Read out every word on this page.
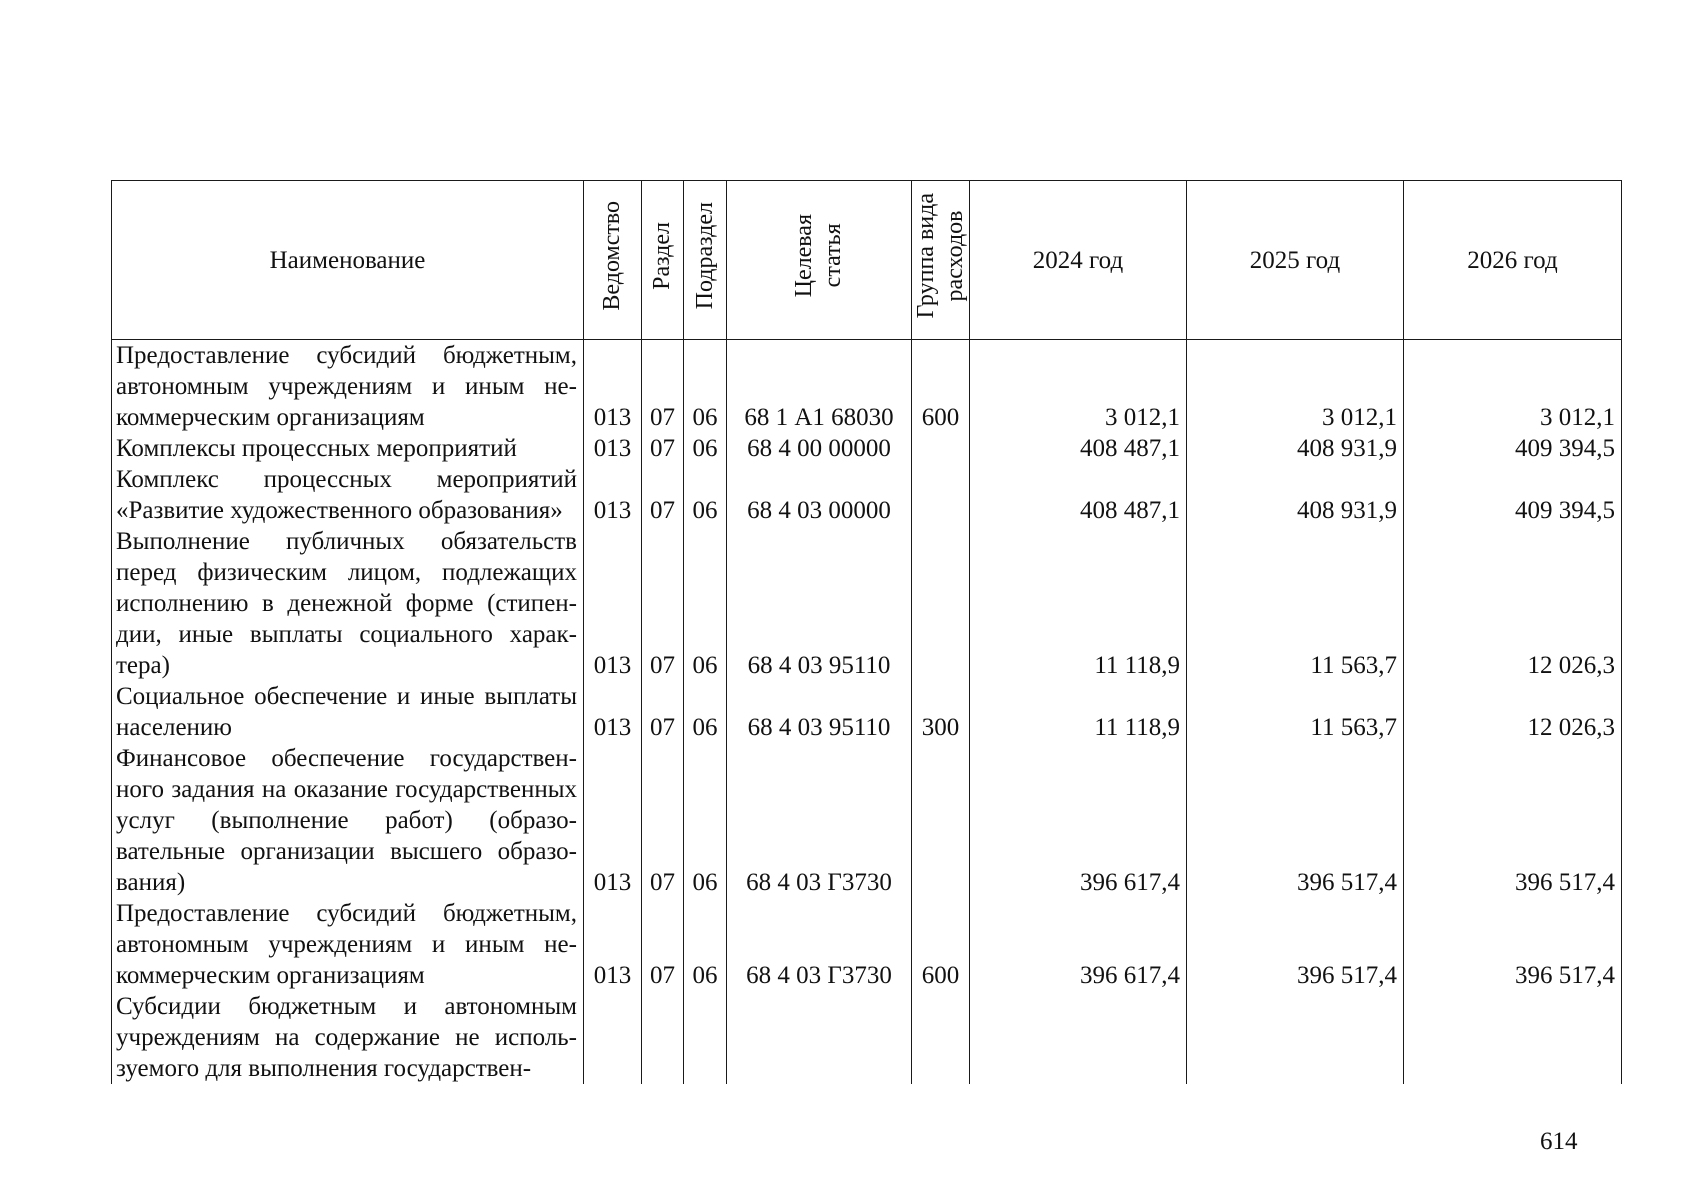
Наименование	Ведомство	Раздел	Подраздел	Целевая статья	Группа вида расходов	2024 год	2025 год	2026 год
Предоставление субсидий бюджетным, автономным учреждениям и иным некоммерческим организациям	013	07	06	68 1 А1 68030	600	3 012,1	3 012,1	3 012,1
Комплексы процессных мероприятий	013	07	06	68 4 00 00000		408 487,1	408 931,9	409 394,5
Комплекс процессных мероприятий «Развитие художественного образования»	013	07	06	68 4 03 00000		408 487,1	408 931,9	409 394,5
Выполнение публичных обязательств перед физическим лицом, подлежащих исполнению в денежной форме (стипендии, иные выплаты социального характера)	013	07	06	68 4 03 95110		11 118,9	11 563,7	12 026,3
Социальное обеспечение и иные выплаты населению	013	07	06	68 4 03 95110	300	11 118,9	11 563,7	12 026,3
Финансовое обеспечение государственного задания на оказание государственных услуг (выполнение работ) (образовательные организации высшего образования)	013	07	06	68 4 03 Г3730		396 617,4	396 517,4	396 517,4
Предоставление субсидий бюджетным, автономным учреждениям и иным некоммерческим организациям	013	07	06	68 4 03 Г3730	600	396 617,4	396 517,4	396 517,4
Субсидии бюджетным и автономным учреждениям на содержание не используемого для выполнения государствен-								
614
